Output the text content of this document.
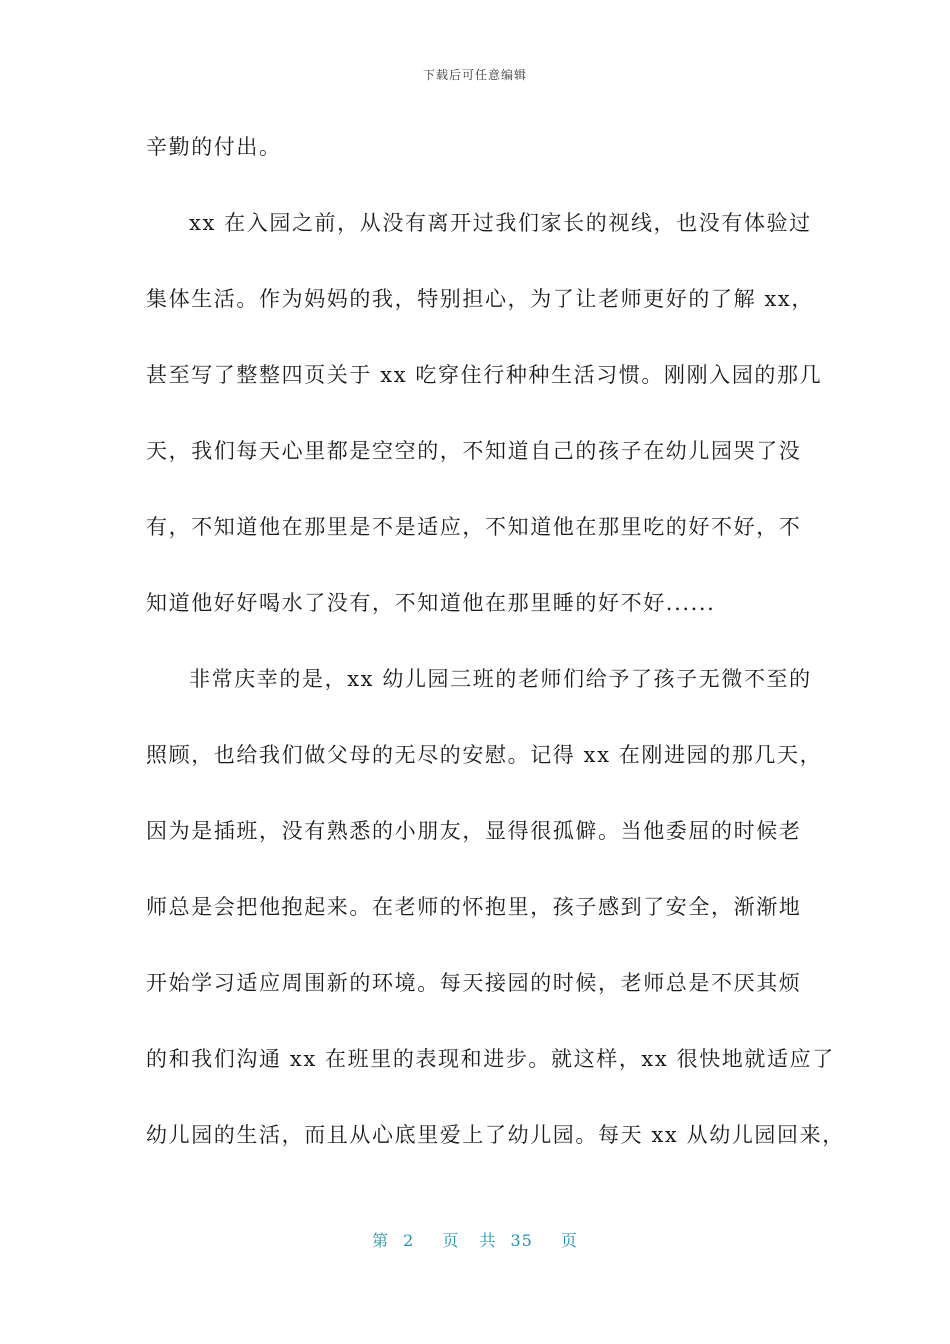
下载后可任意编辑
辛勤的付出。
xx 在入园之前，从没有离开过我们家长的视线，也没有体验过
集体生活。作为妈妈的我，特别担心，为了让老师更好的了解 xx，
甚至写了整整四页关于 xx 吃穿住行种种生活习惯。刚刚入园的那几
天，我们每天心里都是空空的，不知道自己的孩子在幼儿园哭了没
有，不知道他在那里是不是适应，不知道他在那里吃的好不好，不
知道他好好喝水了没有，不知道他在那里睡的好不好......
非常庆幸的是，xx 幼儿园三班的老师们给予了孩子无微不至的
照顾，也给我们做父母的无尽的安慰。记得 xx 在刚进园的那几天，
因为是插班，没有熟悉的小朋友，显得很孤僻。当他委屈的时候老
师总是会把他抱起来。在老师的怀抱里，孩子感到了安全，渐渐地
开始学习适应周围新的环境。每天接园的时候，老师总是不厌其烦
的和我们沟通 xx 在班里的表现和进步。就这样，xx 很快地就适应了
幼儿园的生活，而且从心底里爱上了幼儿园。每天 xx 从幼儿园回来，
第 2 页 共 35 页
